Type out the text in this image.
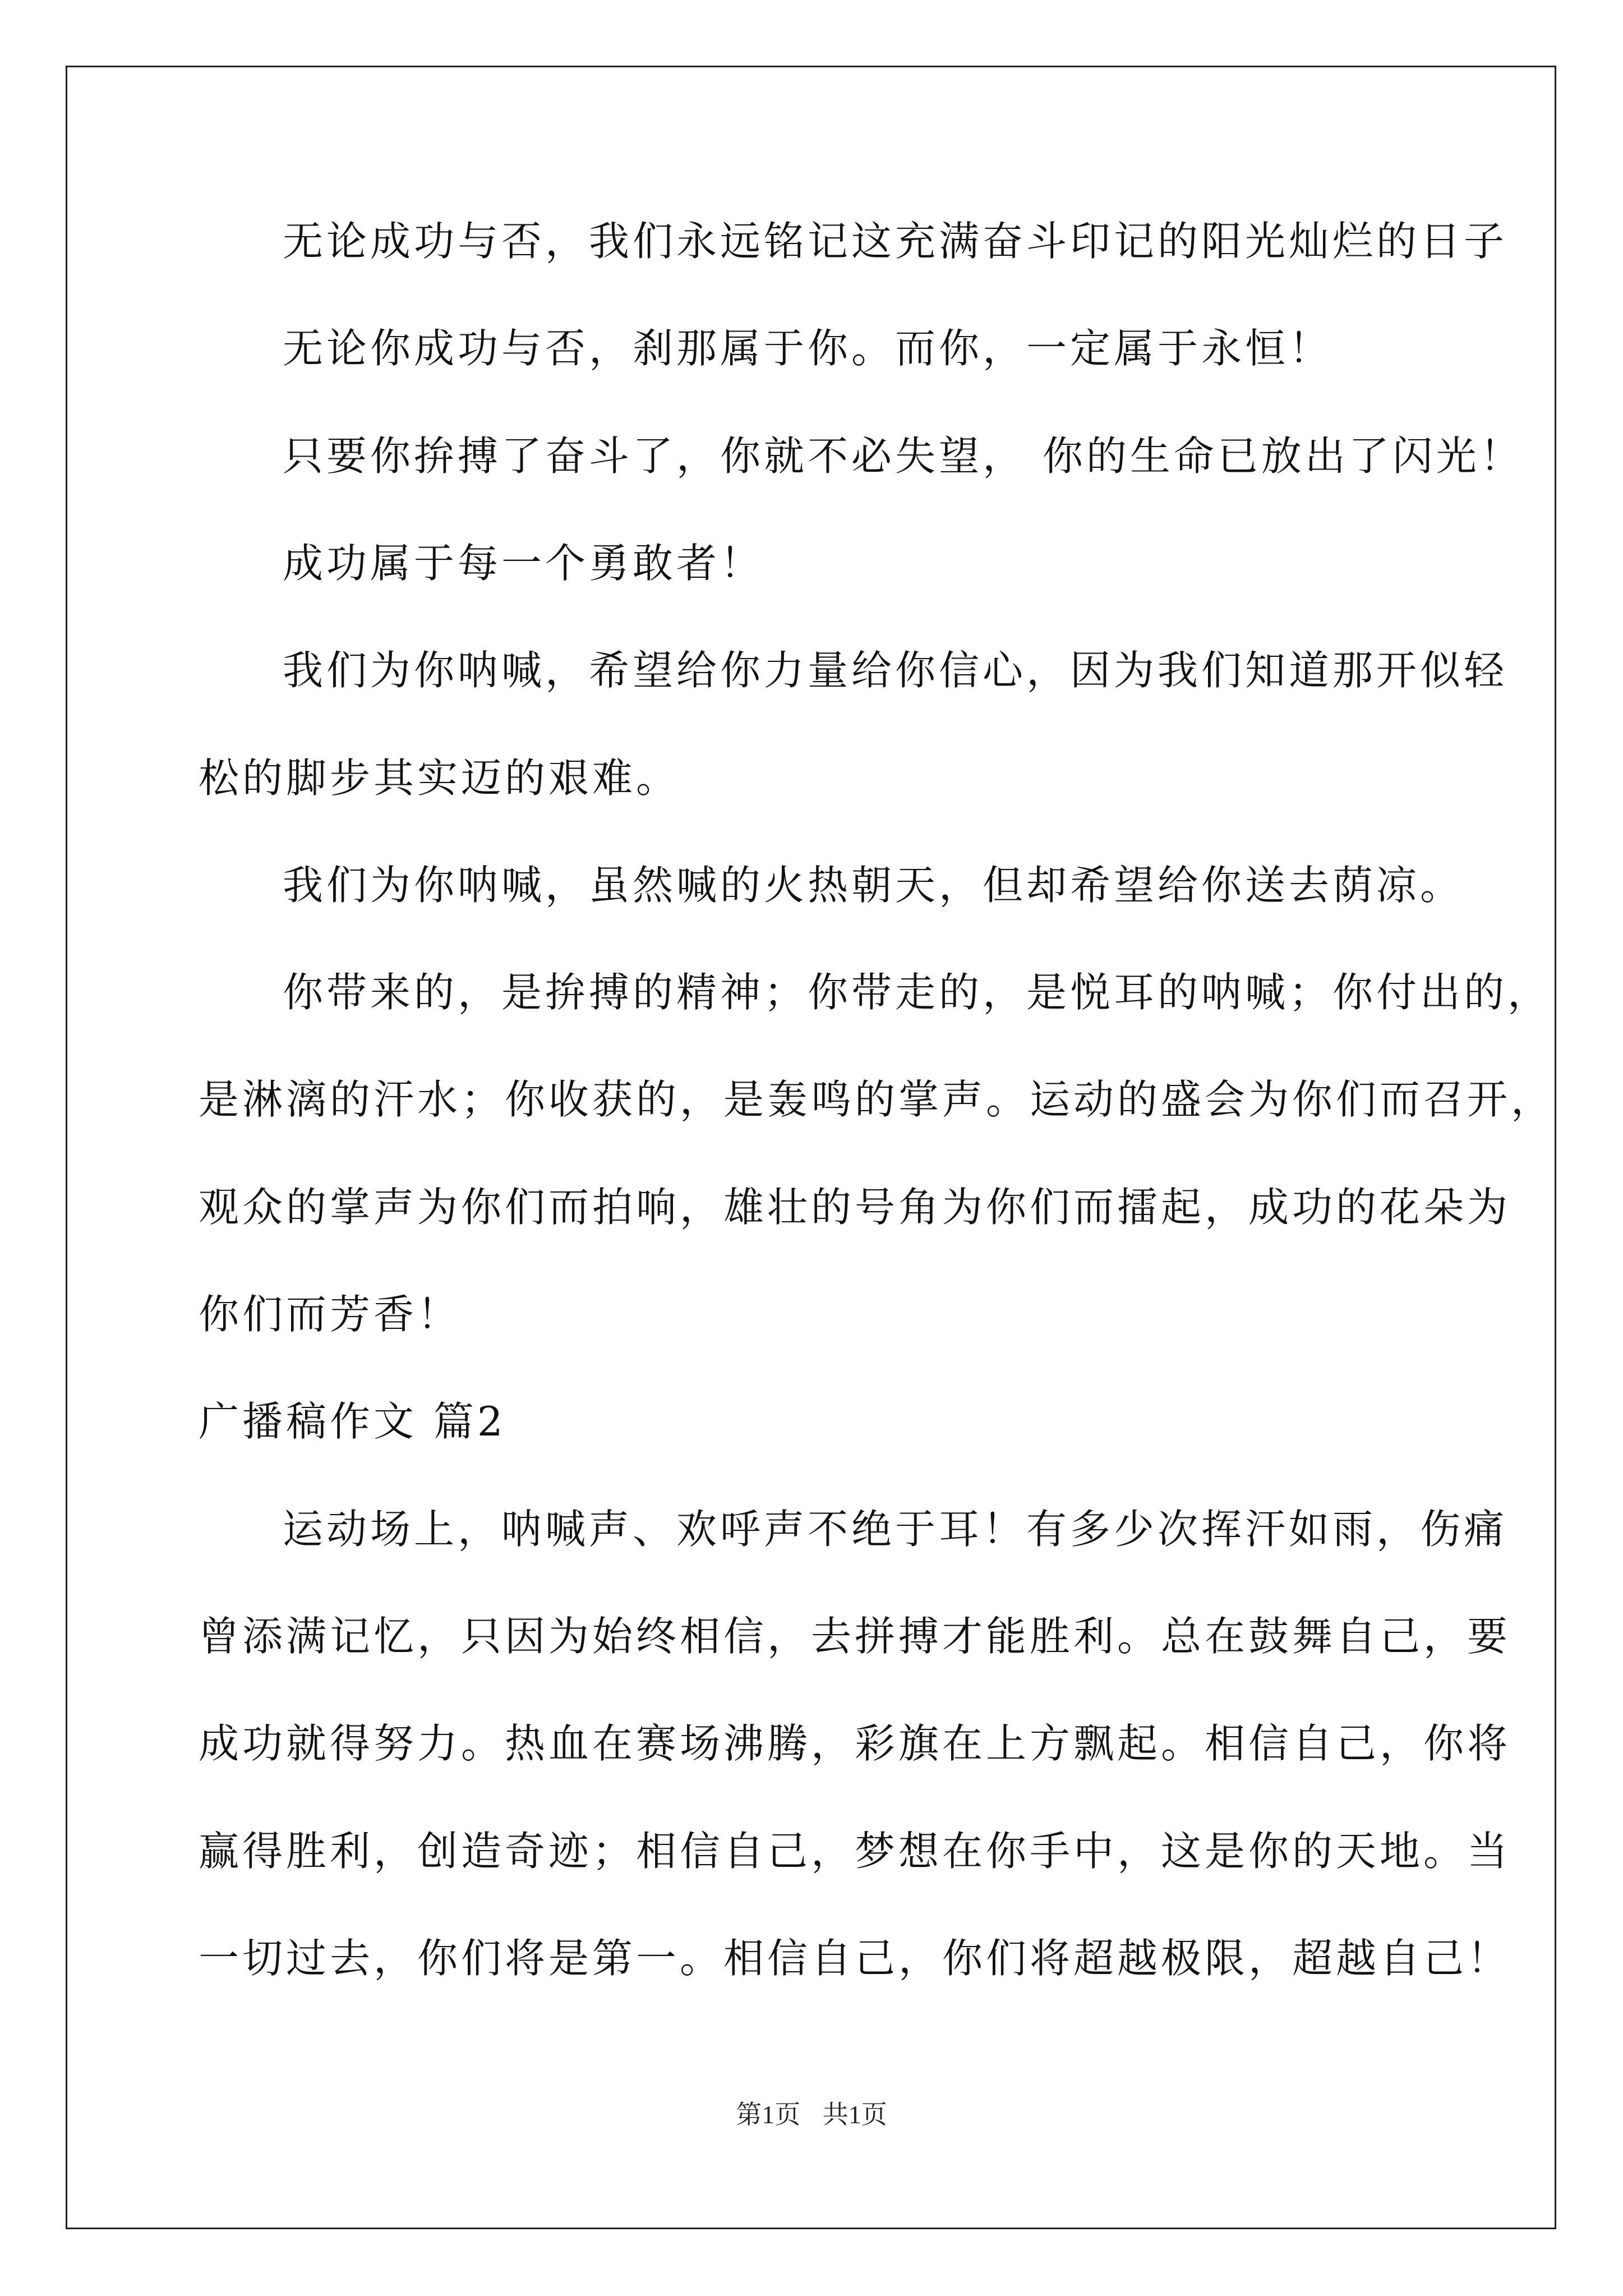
无论成功与否，我们永远铭记这充满奋斗印记的阳光灿烂的日子
无论你成功与否，刹那属于你。而你，一定属于永恒！
只要你拚搏了奋斗了，你就不必失望， 你的生命已放出了闪光！
成功属于每一个勇敢者！
我们为你呐喊，希望给你力量给你信心，因为我们知道那开似轻
松的脚步其实迈的艰难。
我们为你呐喊，虽然喊的火热朝天，但却希望给你送去荫凉。
你带来的，是拚搏的精神；你带走的，是悦耳的呐喊；你付出的，
是淋漓的汗水；你收获的，是轰鸣的掌声。运动的盛会为你们而召开，
观众的掌声为你们而拍响，雄壮的号角为你们而擂起，成功的花朵为
你们而芳香！
广播稿作文 篇2
运动场上，呐喊声、欢呼声不绝于耳！有多少次挥汗如雨，伤痛
曾添满记忆，只因为始终相信，去拼搏才能胜利。总在鼓舞自己，要
成功就得努力。热血在赛场沸腾，彩旗在上方飘起。相信自己，你将
赢得胜利，创造奇迹；相信自己，梦想在你手中，这是你的天地。当
一切过去，你们将是第一。相信自己，你们将超越极限，超越自己！
第1页 共1页
